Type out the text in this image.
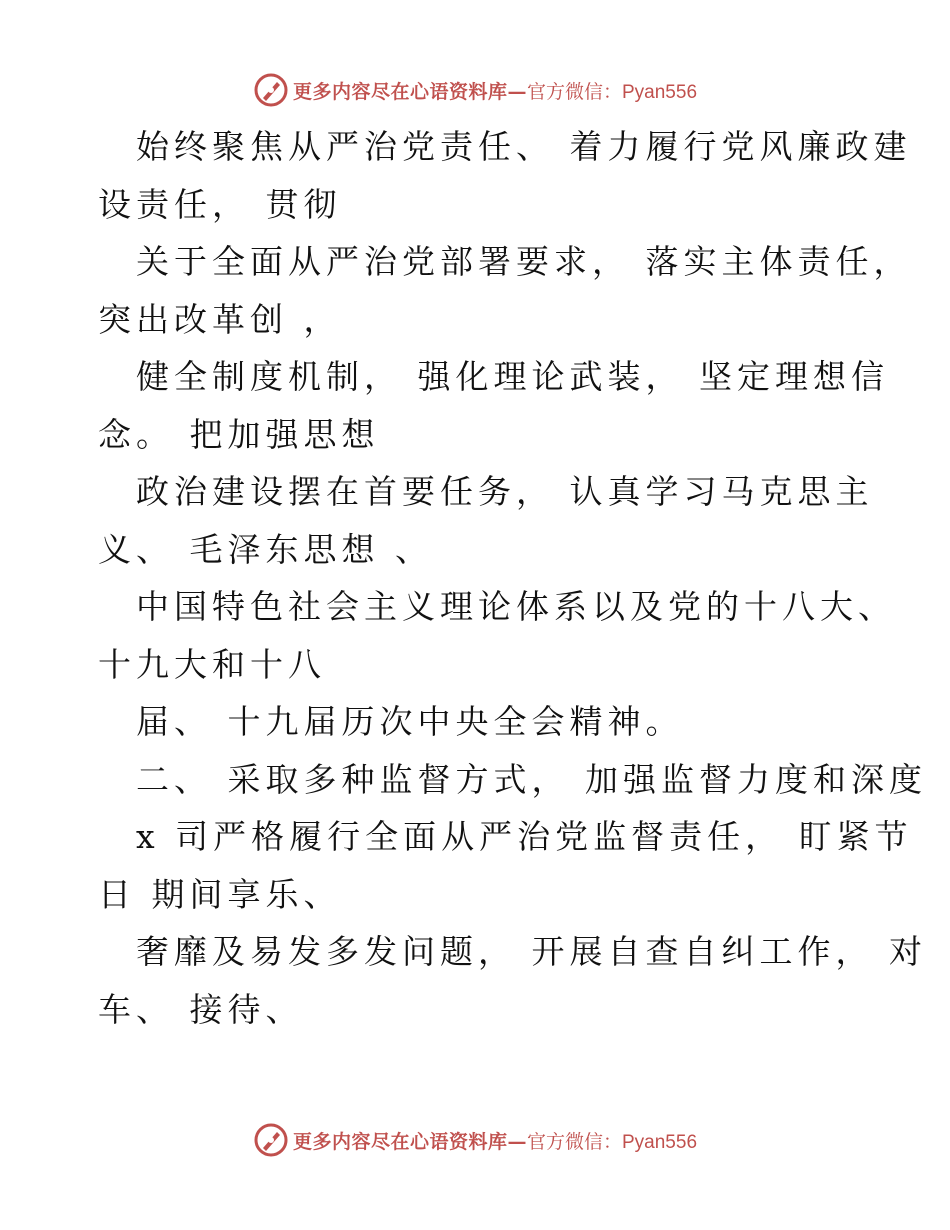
更多内容尽在心语资料库— 官方微信：Pyan556
始终聚焦从严治党责任、 着力履行党风廉政建
设责任， 贯彻
关于全面从严治党部署要求， 落实主体责任，
突出改革创 ，
健全制度机制， 强化理论武装， 坚定理想信
念。 把加强思想
政治建设摆在首要任务， 认真学习马克思主
义、 毛泽东思想 、
中国特色社会主义理论体系以及党的十八大、
十九大和十八
届、 十九届历次中央全会精神。
二、 采取多种监督方式， 加强监督力度和深度
x 司严格履行全面从严治党监督责任， 盯紧节
日 期间享乐、
奢靡及易发多发问题， 开展自查自纠工作， 对
车、 接待、
更多内容尽在心语资料库— 官方微信：Pyan556
